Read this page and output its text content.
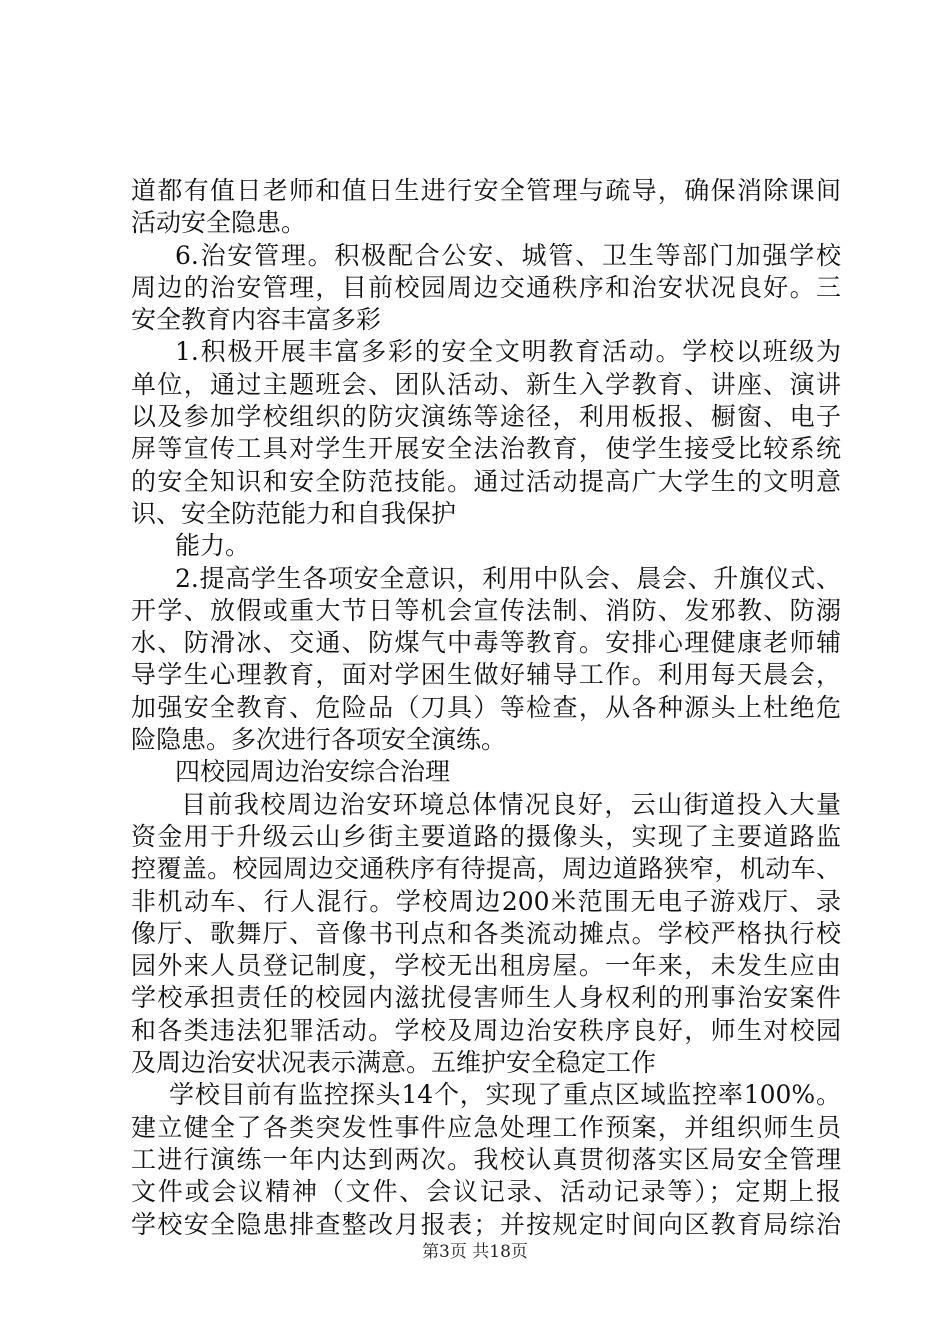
道都有值日老师和值日生进行安全管理与疏导，确保消除课间
活动安全隐患。
6.治安管理。积极配合公安、城管、卫生等部门加强学校
周边的治安管理，目前校园周边交通秩序和治安状况良好。三
安全教育内容丰富多彩
1.积极开展丰富多彩的安全文明教育活动。学校以班级为
单位，通过主题班会、团队活动、新生入学教育、讲座、演讲
以及参加学校组织的防灾演练等途径，利用板报、橱窗、电子
屏等宣传工具对学生开展安全法治教育，使学生接受比较系统
的安全知识和安全防范技能。通过活动提高广大学生的文明意
识、安全防范能力和自我保护
能力。
2.提高学生各项安全意识，利用中队会、晨会、升旗仪式、
开学、放假或重大节日等机会宣传法制、消防、发邪教、防溺
水、防滑冰、交通、防煤气中毒等教育。安排心理健康老师辅
导学生心理教育，面对学困生做好辅导工作。利用每天晨会，
加强安全教育、危险品（刀具）等检查，从各种源头上杜绝危
险隐患。多次进行各项安全演练。
四校园周边治安综合治理
目前我校周边治安环境总体情况良好，云山街道投入大量
资金用于升级云山乡街主要道路的摄像头，实现了主要道路监
控覆盖。校园周边交通秩序有待提高，周边道路狭窄，机动车、
非机动车、行人混行。学校周边200米范围无电子游戏厅、录
像厅、歌舞厅、音像书刊点和各类流动摊点。学校严格执行校
园外来人员登记制度，学校无出租房屋。一年来，未发生应由
学校承担责任的校园内滋扰侵害师生人身权利的刑事治安案件
和各类违法犯罪活动。学校及周边治安秩序良好，师生对校园
及周边治安状况表示满意。五维护安全稳定工作
学校目前有监控探头14个，实现了重点区域监控率100%。
建立健全了各类突发性事件应急处理工作预案，并组织师生员
工进行演练一年内达到两次。我校认真贯彻落实区局安全管理
文件或会议精神（文件、会议记录、活动记录等）；定期上报
学校安全隐患排查整改月报表；并按规定时间向区教育局综治
第3页 共18页
